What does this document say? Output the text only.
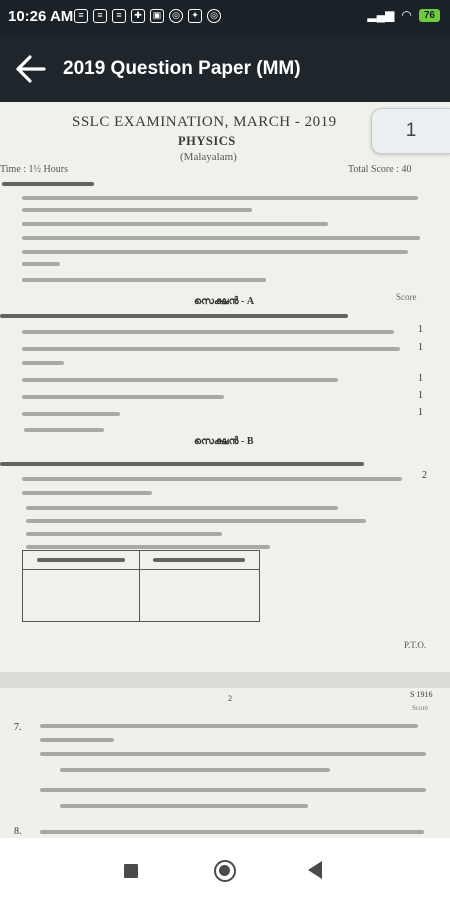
10:26 AM ≡	≡	≡	✚	▣	◎	✦	◎	▂▄▆ ◠	76
2019 Question Paper (MM)
SSLC EXAMINATION, MARCH - 2019
PHYSICS
(Malayalam)
Time : 1½ Hours	Total Score : 40
Score
സെക്ഷൻ - A
1
1
1
1
1
സെക്ഷൻ - B
2
P.T.O.
1
2	S 1916
Score
7.
8.
